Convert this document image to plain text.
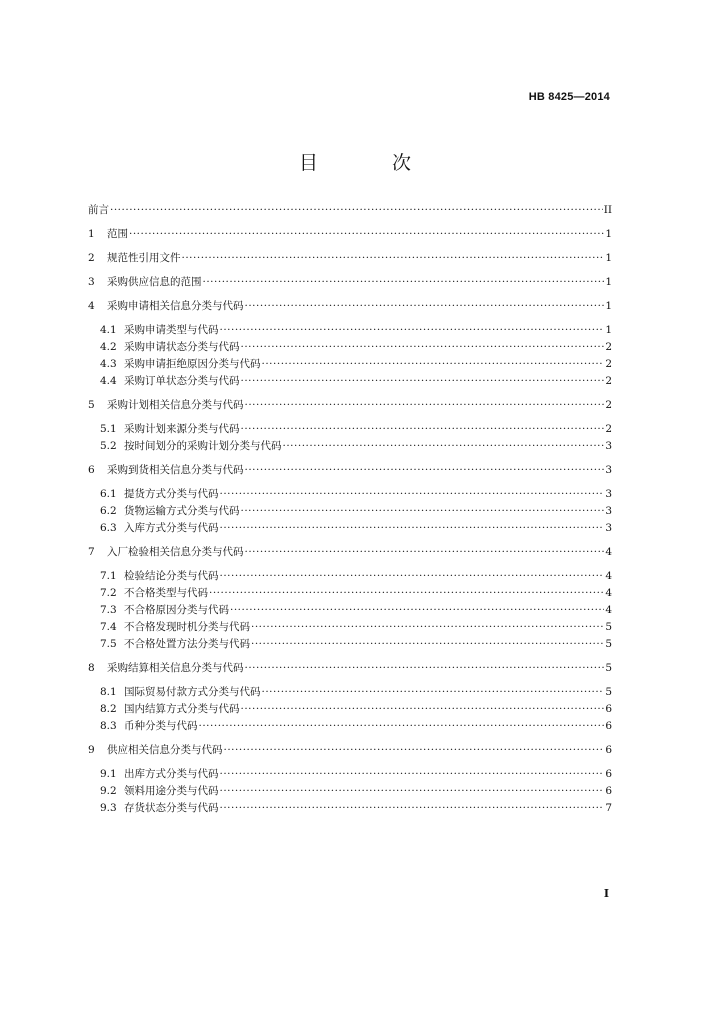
HB 8425—2014
目 次
前言 ·····	II
1	范围 ·····	1
2	规范性引用文件 ·····	1
3	采购供应信息的范围 ·····	1
4	采购申请相关信息分类与代码 ·····	1
4.1 采购申请类型与代码 ·····	1
4.2 采购申请状态分类与代码 ·····	2
4.3 采购申请拒绝原因分类与代码 ·····	2
4.4 采购订单状态分类与代码 ·····	2
5	采购计划相关信息分类与代码 ·····	2
5.1 采购计划来源分类与代码 ·····	2
5.2 按时间划分的采购计划分类与代码 ·····	3
6	采购到货相关信息分类与代码 ·····	3
6.1 提货方式分类与代码 ·····	3
6.2 货物运输方式分类与代码 ·····	3
6.3 入库方式分类与代码 ·····	3
7	入厂检验相关信息分类与代码 ·····	4
7.1 检验结论分类与代码 ·····	4
7.2 不合格类型与代码 ·····	4
7.3 不合格原因分类与代码 ·····	4
7.4 不合格发现时机分类与代码 ·····	5
7.5 不合格处置方法分类与代码 ·····	5
8	采购结算相关信息分类与代码 ·····	5
8.1 国际贸易付款方式分类与代码 ·····	5
8.2 国内结算方式分类与代码 ·····	6
8.3 币种分类与代码 ·····	6
9	供应相关信息分类与代码 ·····	6
9.1 出库方式分类与代码 ·····	6
9.2 领料用途分类与代码 ·····	6
9.3 存货状态分类与代码 ·····	7
I
